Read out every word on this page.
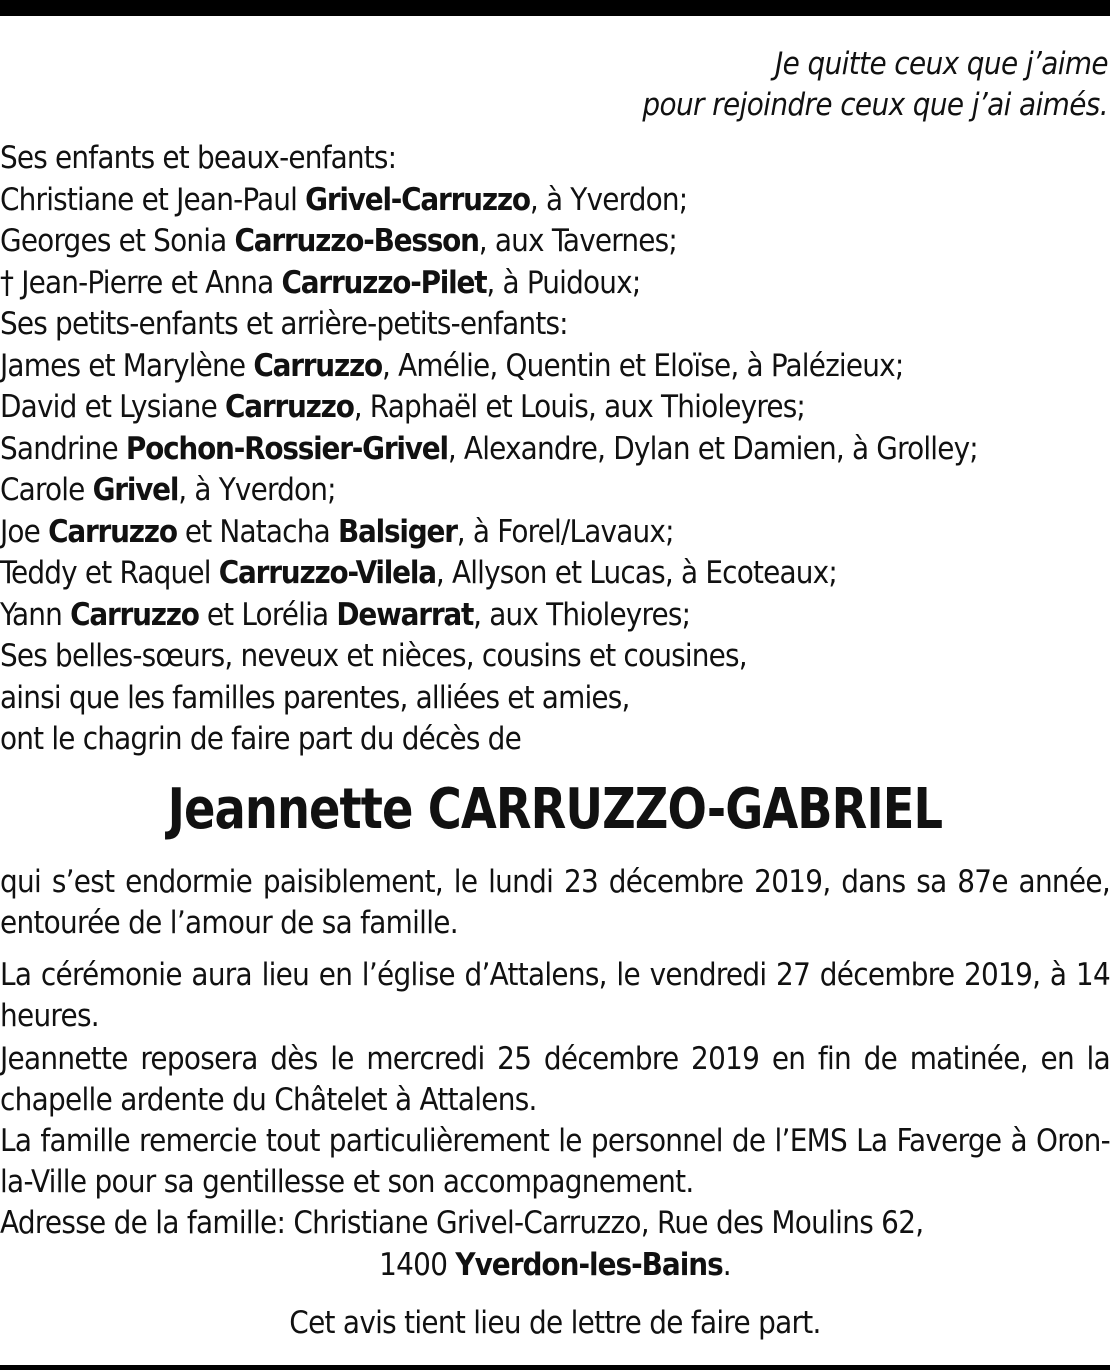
Je quitte ceux que j’aime
pour rejoindre ceux que j’ai aimés.
Ses enfants et beaux-enfants:
Christiane et Jean-Paul Grivel-Carruzzo, à Yverdon;
Georges et Sonia Carruzzo-Besson, aux Tavernes;
† Jean-Pierre et Anna Carruzzo-Pilet, à Puidoux;
Ses petits-enfants et arrière-petits-enfants:
James et Marylène Carruzzo, Amélie, Quentin et Eloïse, à Palézieux;
David et Lysiane Carruzzo, Raphaël et Louis, aux Thioleyres;
Sandrine Pochon-Rossier-Grivel, Alexandre, Dylan et Damien, à Grolley;
Carole Grivel, à Yverdon;
Joe Carruzzo et Natacha Balsiger, à Forel/Lavaux;
Teddy et Raquel Carruzzo-Vilela, Allyson et Lucas, à Ecoteaux;
Yann Carruzzo et Lorélia Dewarrat, aux Thioleyres;
Ses belles-sœurs, neveux et nièces, cousins et cousines,
ainsi que les familles parentes, alliées et amies,
ont le chagrin de faire part du décès de
Jeannette CARRUZZO-GABRIEL
qui s’est endormie paisiblement, le lundi 23 décembre 2019, dans sa 87e année, entourée de l’amour de sa famille.
La cérémonie aura lieu en l’église d’Attalens, le vendredi 27 décembre 2019, à 14 heures.
Jeannette reposera dès le mercredi 25 décembre 2019 en fin de matinée, en la chapelle ardente du Châtelet à Attalens.
La famille remercie tout particulièrement le personnel de l’EMS La Faverge à Oron-la-Ville pour sa gentillesse et son accompagnement.
Adresse de la famille: Christiane Grivel-Carruzzo, Rue des Moulins 62,
1400 Yverdon-les-Bains.
Cet avis tient lieu de lettre de faire part.
